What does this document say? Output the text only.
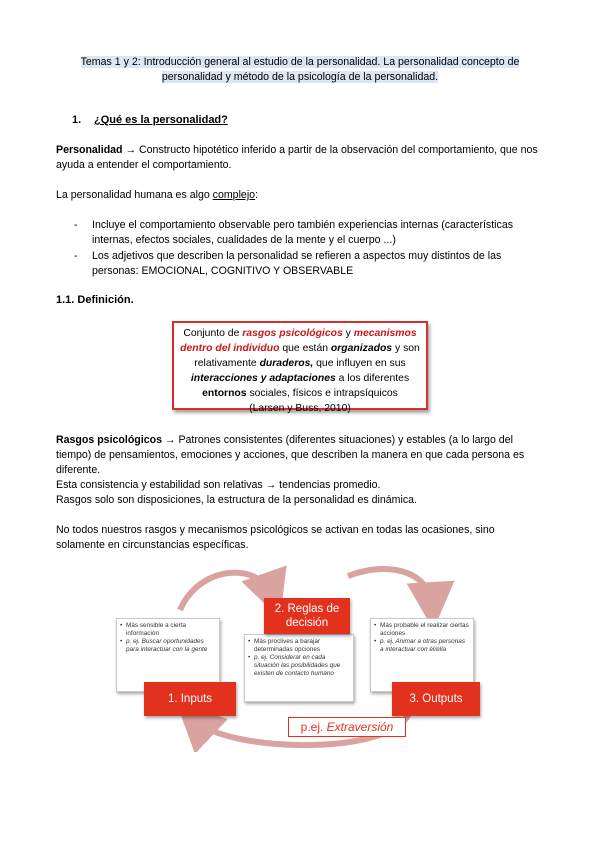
Temas 1 y 2: Introducción general al estudio de la personalidad. La personalidad concepto de
personalidad y método de la psicología de la personalidad.
1. ¿Qué es la personalidad?
Personalidad → Constructo hipotético inferido a partir de la observación del comportamiento, que nos ayuda a entender el comportamiento.
La personalidad humana es algo complejo:
- Incluye el comportamiento observable pero también experiencias internas (características internas, efectos sociales, cualidades de la mente y el cuerpo ...)
- Los adjetivos que describen la personalidad se refieren a aspectos muy distintos de las personas: EMOCIONAL, COGNITIVO Y OBSERVABLE
1.1. Definición.
Conjunto de rasgos psicológicos y mecanismos dentro del individuo que están organizados y son relativamente duraderos, que influyen en sus interacciones y adaptaciones a los diferentes entornos sociales, físicos e intrapsíquicos
(Larsen y Buss, 2010)
Rasgos psicológicos → Patrones consistentes (diferentes situaciones) y estables (a lo largo del tiempo) de pensamientos, emociones y acciones, que describen la manera en que cada persona es diferente.
Esta consistencia y estabilidad son relativas → tendencias promedio.
Rasgos solo son disposiciones, la estructura de la personalidad es dinámica.
No todos nuestros rasgos y mecanismos psicológicos se activan en todas las ocasiones, sino solamente en circunstancias específicas.
• Más sensible a cierta información
• p. ej. Buscar oportunidades para interactuar con la gente
• Más proclives a barajar determinadas opciones
• p. ej. Considerar en cada situación las posibilidades que existen de contacto humano
• Más probable el realizar ciertas acciones
• p. ej. Animar a otras personas a interactuar con él/ella
2. Reglas de decisión
1. Inputs	3. Outputs
p.ej. Extraversión
